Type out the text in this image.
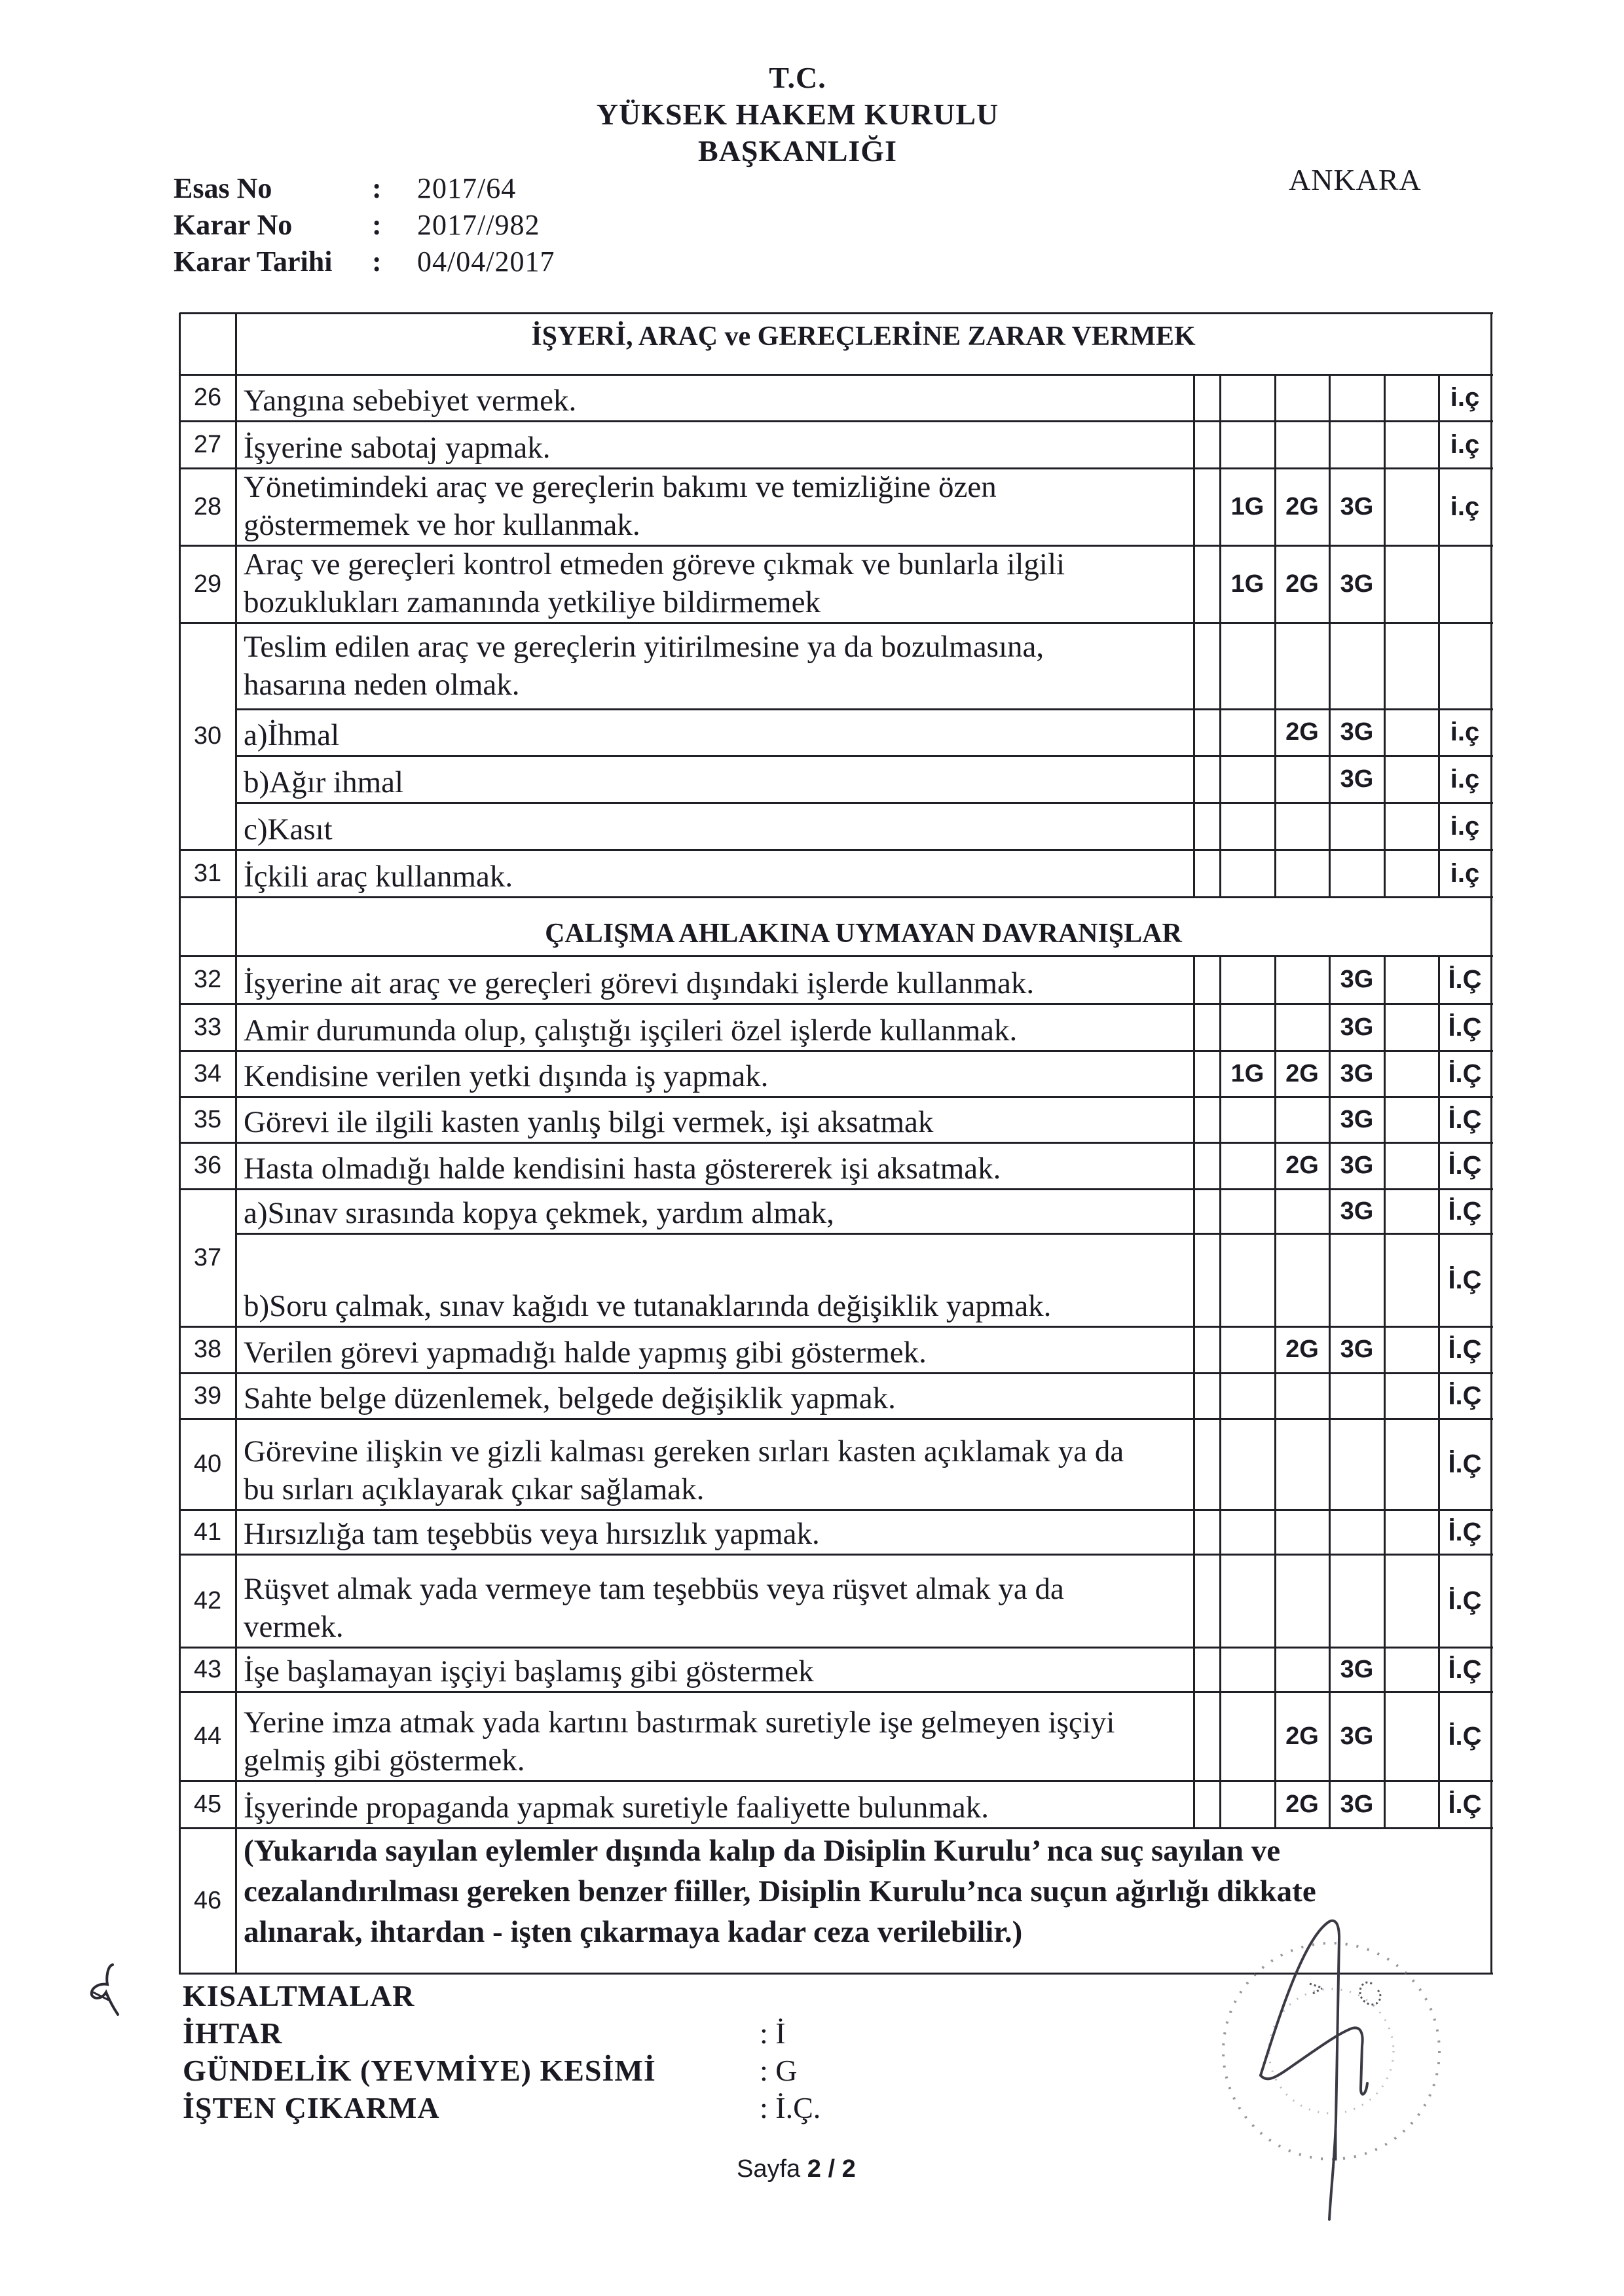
T.C.
YÜKSEK HAKEM KURULU
BAŞKANLIĞI
ANKARA
Esas No	: 2017/64
Karar No	: 2017//982
Karar Tarihi : 04/04/2017
İŞYERİ, ARAÇ ve GEREÇLERİNE ZARAR VERMEK
ÇALIŞMA AHLAKINA UYMAYAN DAVRANIŞLAR
26 Yangına sebebiyet vermek.	i.ç
27 İşyerine sabotaj yapmak.	i.ç
28
Yönetimindeki araç ve gereçlerin bakımı ve temizliğine özen
göstermemek ve hor kullanmak.
1G 2G 3G	i.ç
29
Araç ve gereçleri kontrol etmeden göreve çıkmak ve bunlarla ilgili
bozuklukları zamanında yetkiliye bildirmemek
1G 2G 3G
30
Teslim edilen araç ve gereçlerin yitirilmesine ya da bozulmasına,
hasarına neden olmak.
a)İhmal	2G 3G	i.ç
b)Ağır ihmal	3G	i.ç
c)Kasıt	i.ç
31 İçkili araç kullanmak.	i.ç
32 İşyerine ait araç ve gereçleri görevi dışındaki işlerde kullanmak.	3G	İ.Ç
33 Amir durumunda olup, çalıştığı işçileri özel işlerde kullanmak.	3G	İ.Ç
34 Kendisine verilen yetki dışında iş yapmak.	1G 2G 3G	İ.Ç
35 Görevi ile ilgili kasten yanlış bilgi vermek, işi aksatmak	3G	İ.Ç
36 Hasta olmadığı halde kendisini hasta göstererek işi aksatmak.	2G 3G	İ.Ç
37
a)Sınav sırasında kopya çekmek, yardım almak,	3G	İ.Ç
b)Soru çalmak, sınav kağıdı ve tutanaklarında değişiklik yapmak.
İ.Ç
38 Verilen görevi yapmadığı halde yapmış gibi göstermek.	2G 3G	İ.Ç
39 Sahte belge düzenlemek, belgede değişiklik yapmak.	İ.Ç
40 Görevine ilişkin ve gizli kalması gereken sırları kasten açıklamak ya da
bu sırları açıklayarak çıkar sağlamak.
İ.Ç
41 Hırsızlığa tam teşebbüs veya hırsızlık yapmak.	İ.Ç
42 Rüşvet almak yada vermeye tam teşebbüs veya rüşvet almak ya da
vermek.
İ.Ç
43 İşe başlamayan işçiyi başlamış gibi göstermek	3G	İ.Ç
44 Yerine imza atmak yada kartını bastırmak suretiyle işe gelmeyen işçiyi
gelmiş gibi göstermek.
2G 3G	İ.Ç
45 İşyerinde propaganda yapmak suretiyle faaliyette bulunmak.	2G 3G	İ.Ç
46
(Yukarıda sayılan eylemler dışında kalıp da Disiplin Kurulu’ nca suç sayılan ve
cezalandırılması gereken benzer fiiller, Disiplin Kurulu’nca suçun ağırlığı dikkate
alınarak, ihtardan - işten çıkarmaya kadar ceza verilebilir.)
KISALTMALAR
İHTAR	: İ
GÜNDELİK (YEVMİYE) KESİMİ	: G
İŞTEN ÇIKARMA	: İ.Ç.
Sayfa 2 / 2
